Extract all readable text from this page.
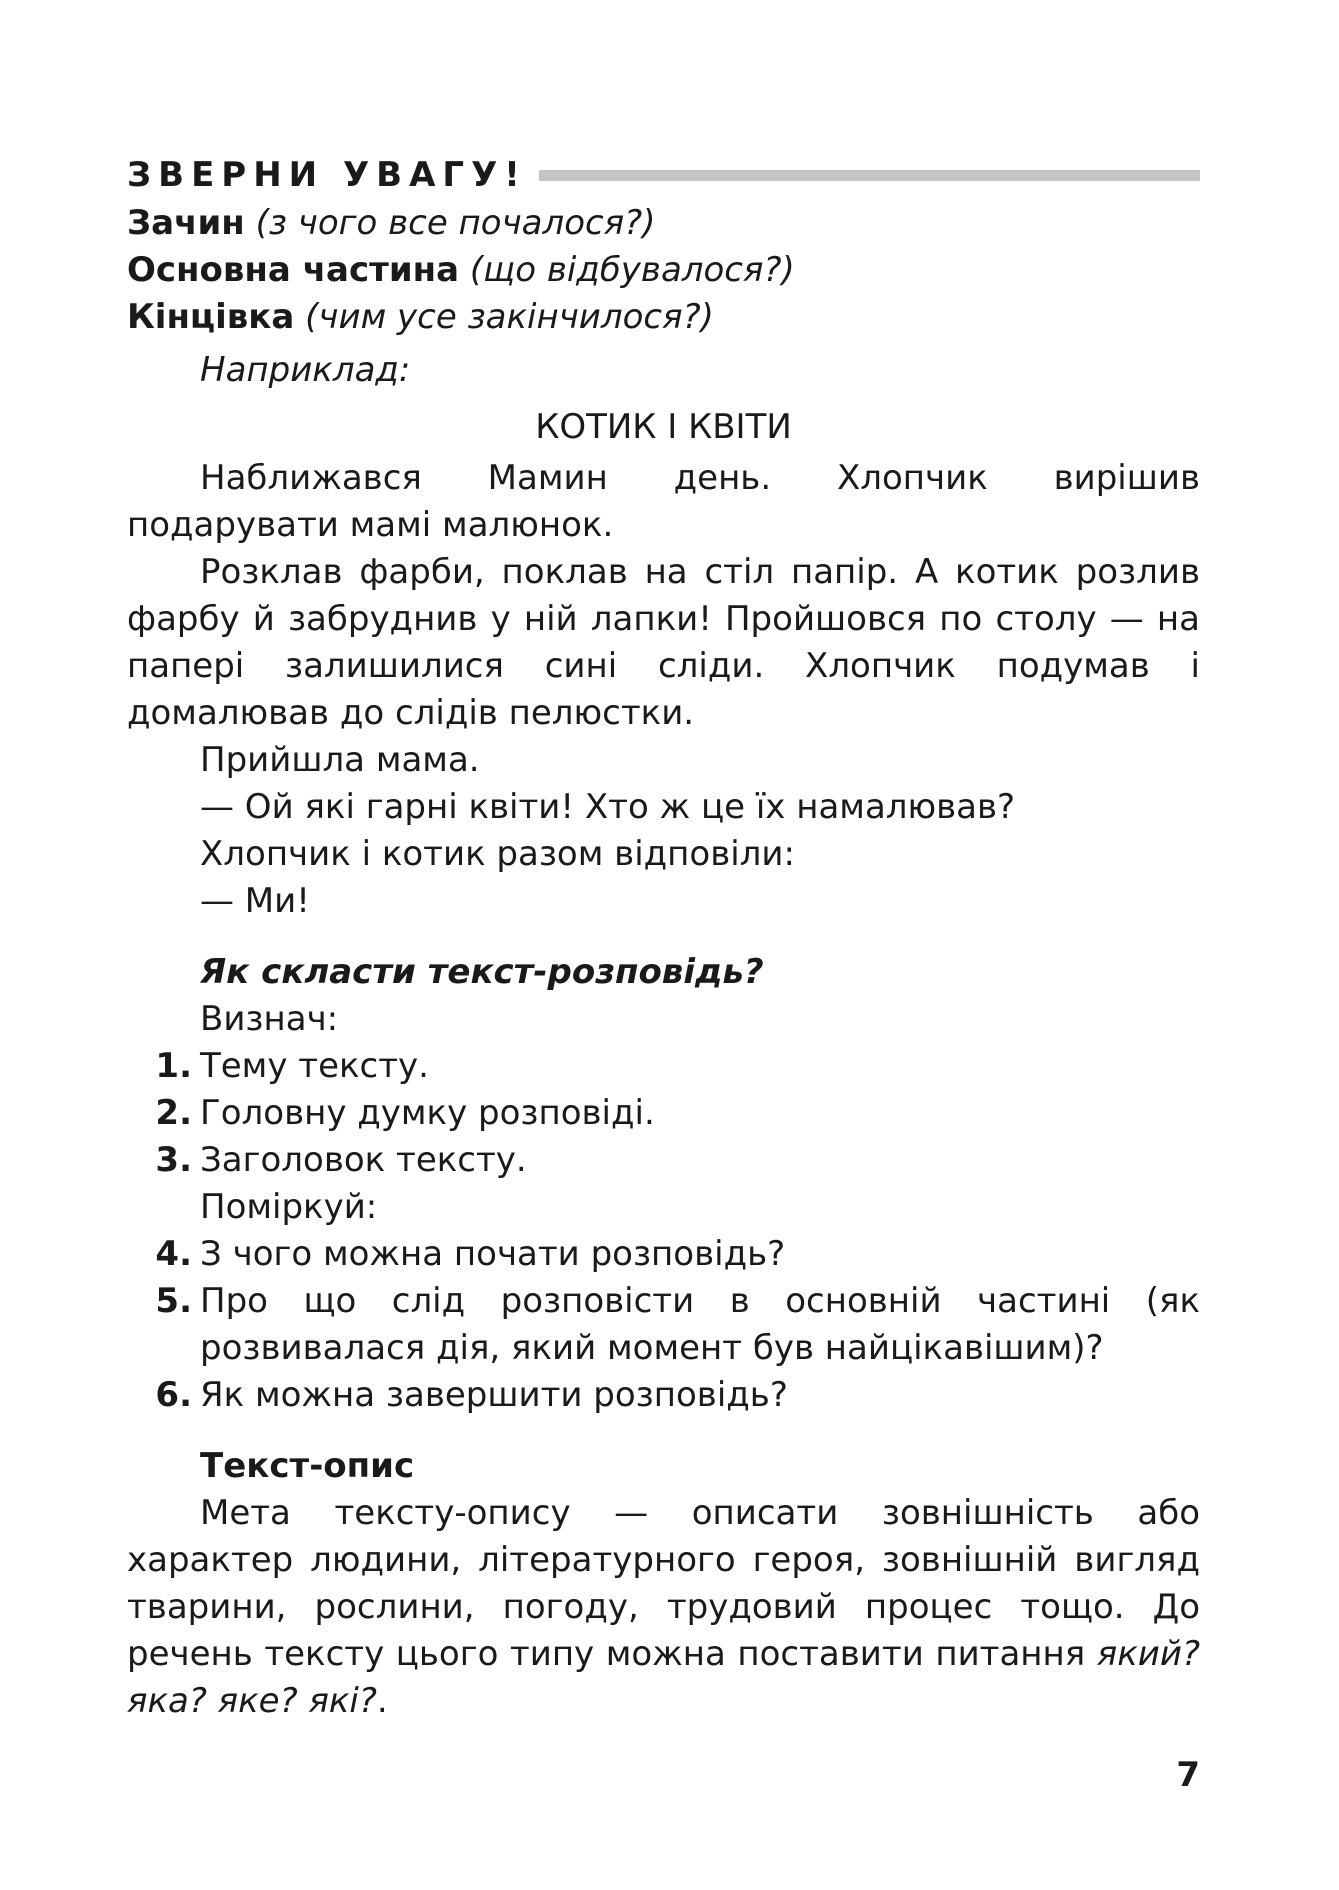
ЗВЕРНИ УВАГУ!
Зачин (з чого все почалося?)
Основна частина (що відбувалося?)
Кінцівка (чим усе закінчилося?)
Наприклад:
КОТИК І КВІТИ
Наближався Мамин день. Хлопчик вирішив подарувати мамі малюнок.
Розклав фарби, поклав на стіл папір. А котик розлив фарбу й забруднив у ній лапки! Пройшовся по столу — на папері залишилися сині сліди. Хлопчик подумав і домалював до слідів пелюстки.
Прийшла мама.
— Ой які гарні квіти! Хто ж це їх намалював?
Хлопчик і котик разом відповіли:
— Ми!
Як скласти текст-розповідь?
Визнач:
1. Тему тексту.
2. Головну думку розповіді.
3. Заголовок тексту.
Поміркуй:
4. З чого можна почати розповідь?
5. Про що слід розповісти в основній частині (як розвивалася дія, який момент був найцікавішим)?
6. Як можна завершити розповідь?
Текст-опис
Мета тексту-опису — описати зовнішність або характер людини, літературного героя, зовнішній вигляд тварини, рослини, погоду, трудовий процес тощо. До речень тексту цього типу можна поставити питання який? яка? яке? які?.
7
